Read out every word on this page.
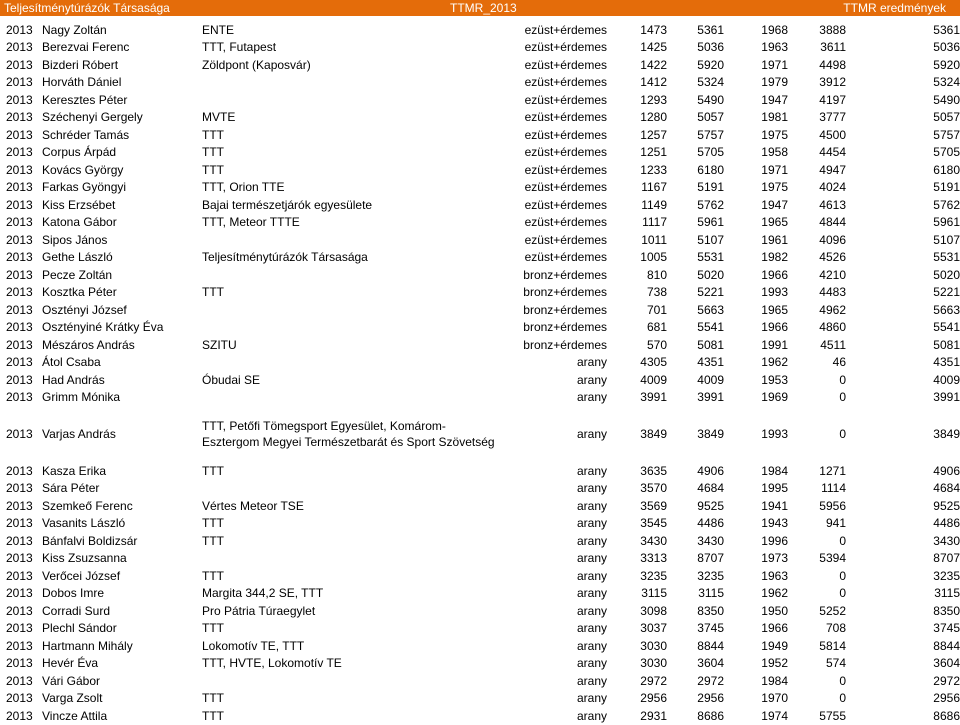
Teljesítménytúrázók Társasága	TTMR_2013	TTMR eredmények
2013	Nagy Zoltán	ENTE	ezüst+érdemes	1473	5361	1968	3888	5361
2013	Berezvai Ferenc	TTT, Futapest	ezüst+érdemes	1425	5036	1963	3611	5036
2013	Bizderi Róbert	Zöldpont (Kaposvár)	ezüst+érdemes	1422	5920	1971	4498	5920
2013	Horváth Dániel		ezüst+érdemes	1412	5324	1979	3912	5324
2013	Keresztes Péter		ezüst+érdemes	1293	5490	1947	4197	5490
2013	Széchenyi Gergely	MVTE	ezüst+érdemes	1280	5057	1981	3777	5057
2013	Schréder Tamás	TTT	ezüst+érdemes	1257	5757	1975	4500	5757
2013	Corpus Árpád	TTT	ezüst+érdemes	1251	5705	1958	4454	5705
2013	Kovács György	TTT	ezüst+érdemes	1233	6180	1971	4947	6180
2013	Farkas Gyöngyi	TTT, Orion TTE	ezüst+érdemes	1167	5191	1975	4024	5191
2013	Kiss Erzsébet	Bajai természetjárók egyesülete	ezüst+érdemes	1149	5762	1947	4613	5762
2013	Katona Gábor	TTT, Meteor TTTE	ezüst+érdemes	1117	5961	1965	4844	5961
2013	Sipos János		ezüst+érdemes	1011	5107	1961	4096	5107
2013	Gethe László	Teljesítménytúrázók Társasága	ezüst+érdemes	1005	5531	1982	4526	5531
2013	Pecze Zoltán		bronz+érdemes	810	5020	1966	4210	5020
2013	Kosztka Péter	TTT	bronz+érdemes	738	5221	1993	4483	5221
2013	Osztényi József		bronz+érdemes	701	5663	1965	4962	5663
2013	Osztényiné Krátky Éva		bronz+érdemes	681	5541	1966	4860	5541
2013	Mészáros András	SZITU	bronz+érdemes	570	5081	1991	4511	5081
2013	Átol Csaba		arany	4305	4351	1962	46	4351
2013	Had András	Óbudai SE	arany	4009	4009	1953	0	4009
2013	Grimm Mónika		arany	3991	3991	1969	0	3991
2013	Varjas András	TTT, Petőfi Tömegsport Egyesület, Komárom-Esztergom Megyei Természetbarát és Sport Szövetség	arany	3849	3849	1993	0	3849
2013	Kasza Erika	TTT	arany	3635	4906	1984	1271	4906
2013	Sára Péter		arany	3570	4684	1995	1114	4684
2013	Szemkeő Ferenc	Vértes Meteor TSE	arany	3569	9525	1941	5956	9525
2013	Vasanits László	TTT	arany	3545	4486	1943	941	4486
2013	Bánfalvi Boldizsár	TTT	arany	3430	3430	1996	0	3430
2013	Kiss Zsuzsanna		arany	3313	8707	1973	5394	8707
2013	Verőcei József	TTT	arany	3235	3235	1963	0	3235
2013	Dobos Imre	Margita 344,2 SE, TTT	arany	3115	3115	1962	0	3115
2013	Corradi Surd	Pro Pátria Túraegylet	arany	3098	8350	1950	5252	8350
2013	Plechl Sándor	TTT	arany	3037	3745	1966	708	3745
2013	Hartmann Mihály	Lokomotív TE, TTT	arany	3030	8844	1949	5814	8844
2013	Hevér Éva	TTT, HVTE, Lokomotív TE	arany	3030	3604	1952	574	3604
2013	Vári Gábor		arany	2972	2972	1984	0	2972
2013	Varga Zsolt	TTT	arany	2956	2956	1970	0	2956
2013	Vincze Attila	TTT	arany	2931	8686	1974	5755	8686
